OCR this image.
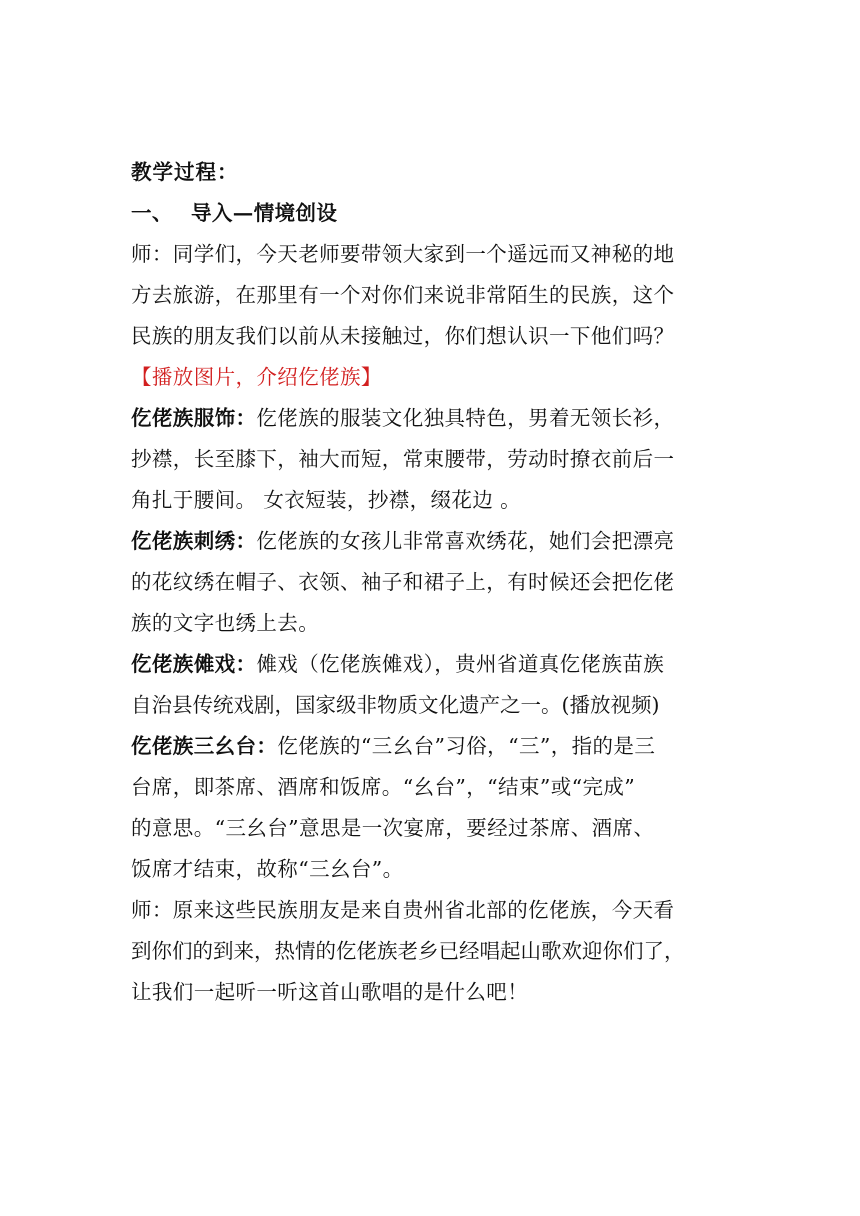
教学过程：
一、 导入—情境创设
师：同学们，今天老师要带领大家到一个遥远而又神秘的地
方去旅游，在那里有一个对你们来说非常陌生的民族，这个
民族的朋友我们以前从未接触过，你们想认识一下他们吗？
【播放图片，介绍仡佬族】
仡佬族服饰：仡佬族的服装文化独具特色，男着无领长衫，
抄襟，长至膝下，袖大而短，常束腰带，劳动时撩衣前后一
角扎于腰间。 女衣短装，抄襟，缀花边 。
仡佬族刺绣：仡佬族的女孩儿非常喜欢绣花，她们会把漂亮
的花纹绣在帽子、衣领、袖子和裙子上，有时候还会把仡佬
族的文字也绣上去。
仡佬族傩戏：傩戏（仡佬族傩戏），贵州省道真仡佬族苗族
自治县传统戏剧，国家级非物质文化遗产之一。(播放视频)
仡佬族三幺台：仡佬族的“三幺台”习俗，“三”，指的是三
台席，即茶席、酒席和饭席。“幺台”，“结束”或“完成”
的意思。“三幺台”意思是一次宴席，要经过茶席、酒席、
饭席才结束，故称“三幺台”。
师：原来这些民族朋友是来自贵州省北部的仡佬族，今天看
到你们的到来，热情的仡佬族老乡已经唱起山歌欢迎你们了，
让我们一起听一听这首山歌唱的是什么吧！
